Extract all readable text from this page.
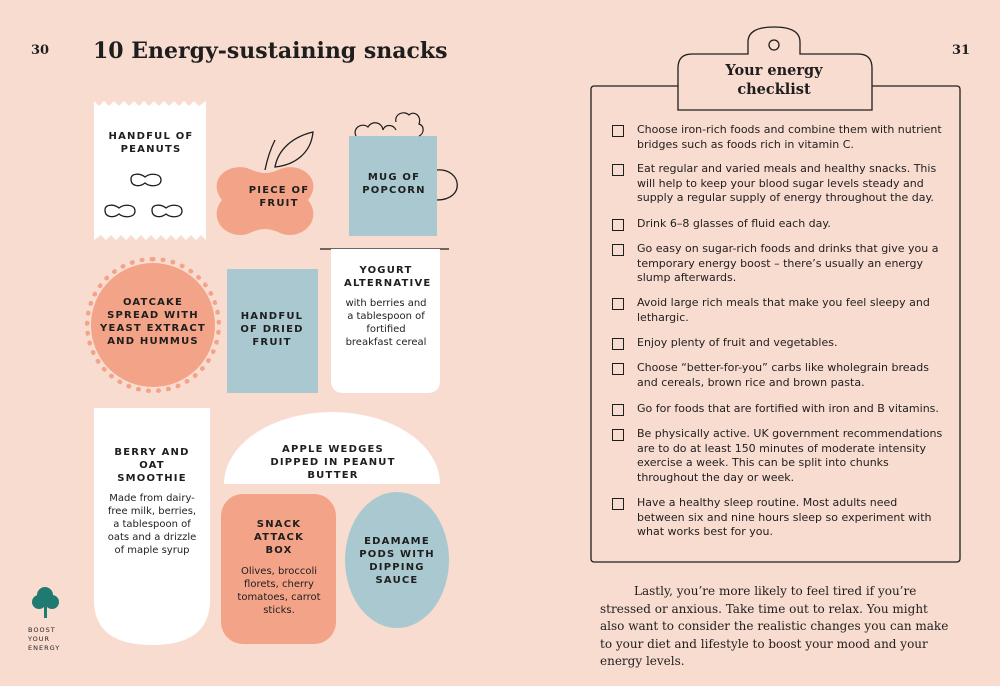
30 10 Energy-sustaining snacks
HANDFUL OF PEANUTS
PIECE OF FRUIT
MUG OF POPCORN
OATCAKE SPREAD WITH YEAST EXTRACT AND HUMMUS
HANDFUL OF DRIED FRUIT
YOGURT ALTERNATIVE
with berries and a tablespoon of fortified breakfast cereal
BERRY AND OAT SMOOTHIE
Made from dairy-free milk, berries, a tablespoon of oats and a drizzle of maple syrup
APPLE WEDGES DIPPED IN PEANUT BUTTER
SNACK ATTACK BOX
Olives, broccoli florets, cherry tomatoes, carrot sticks.
EDAMAME PODS WITH DIPPING SAUCE
BOOST
YOUR
ENERGY
31
Your energy
checklist
Choose iron-rich foods and combine them with nutrient bridges such as foods rich in vitamin C.
Eat regular and varied meals and healthy snacks. This will help to keep your blood sugar levels steady and supply a regular supply of energy throughout the day.
Drink 6–8 glasses of fluid each day.
Go easy on sugar-rich foods and drinks that give you a temporary energy boost – there’s usually an energy slump afterwards.
Avoid large rich meals that make you feel sleepy and lethargic.
Enjoy plenty of fruit and vegetables.
Choose “better-for-you” carbs like wholegrain breads and cereals, brown rice and brown pasta.
Go for foods that are fortified with iron and B vitamins.
Be physically active. UK government recommendations are to do at least 150 minutes of moderate intensity exercise a week. This can be split into chunks throughout the day or week.
Have a healthy sleep routine. Most adults need between six and nine hours sleep so experiment with what works best for you.
Lastly, you’re more likely to feel tired if you’re stressed or anxious. Take time out to relax. You might also want to consider the realistic changes you can make to your diet and lifestyle to boost your mood and your energy levels.
